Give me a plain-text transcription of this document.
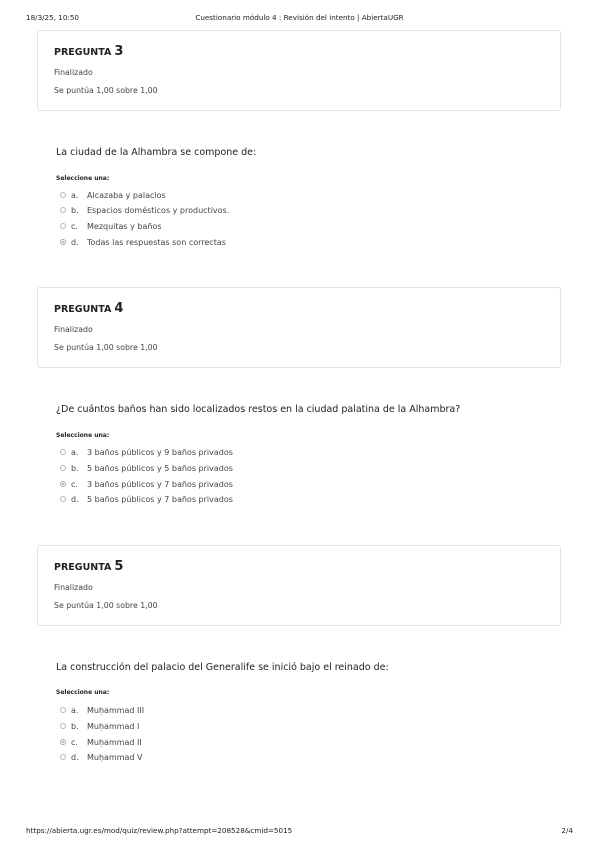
18/3/25, 10:50	Cuestionario módulo 4 : Revisión del intento | AbiertaUGR
PREGUNTA 3
Finalizado
Se puntúa 1,00 sobre 1,00
La ciudad de la Alhambra se compone de:
Seleccione una:
a. Alcazaba y palacios
b. Espacios domésticos y productivos.
c. Mezquitas y baños
d. Todas las respuestas son correctas
PREGUNTA 4
Finalizado
Se puntúa 1,00 sobre 1,00
¿De cuántos baños han sido localizados restos en la ciudad palatina de la Alhambra?
Seleccione una:
a. 3 baños públicos y 9 baños privados
b. 5 baños públicos y 5 baños privados
c. 3 baños públicos y 7 baños privados
d. 5 baños públicos y 7 baños privados
PREGUNTA 5
Finalizado
Se puntúa 1,00 sobre 1,00
La construcción del palacio del Generalife se inició bajo el reinado de:
Seleccione una:
a. Muḥammad III
b. Muḥammad I
c. Muḥammad II
d. Muḥammad V
https://abierta.ugr.es/mod/quiz/review.php?attempt=208528&cmid=5015	2/4
